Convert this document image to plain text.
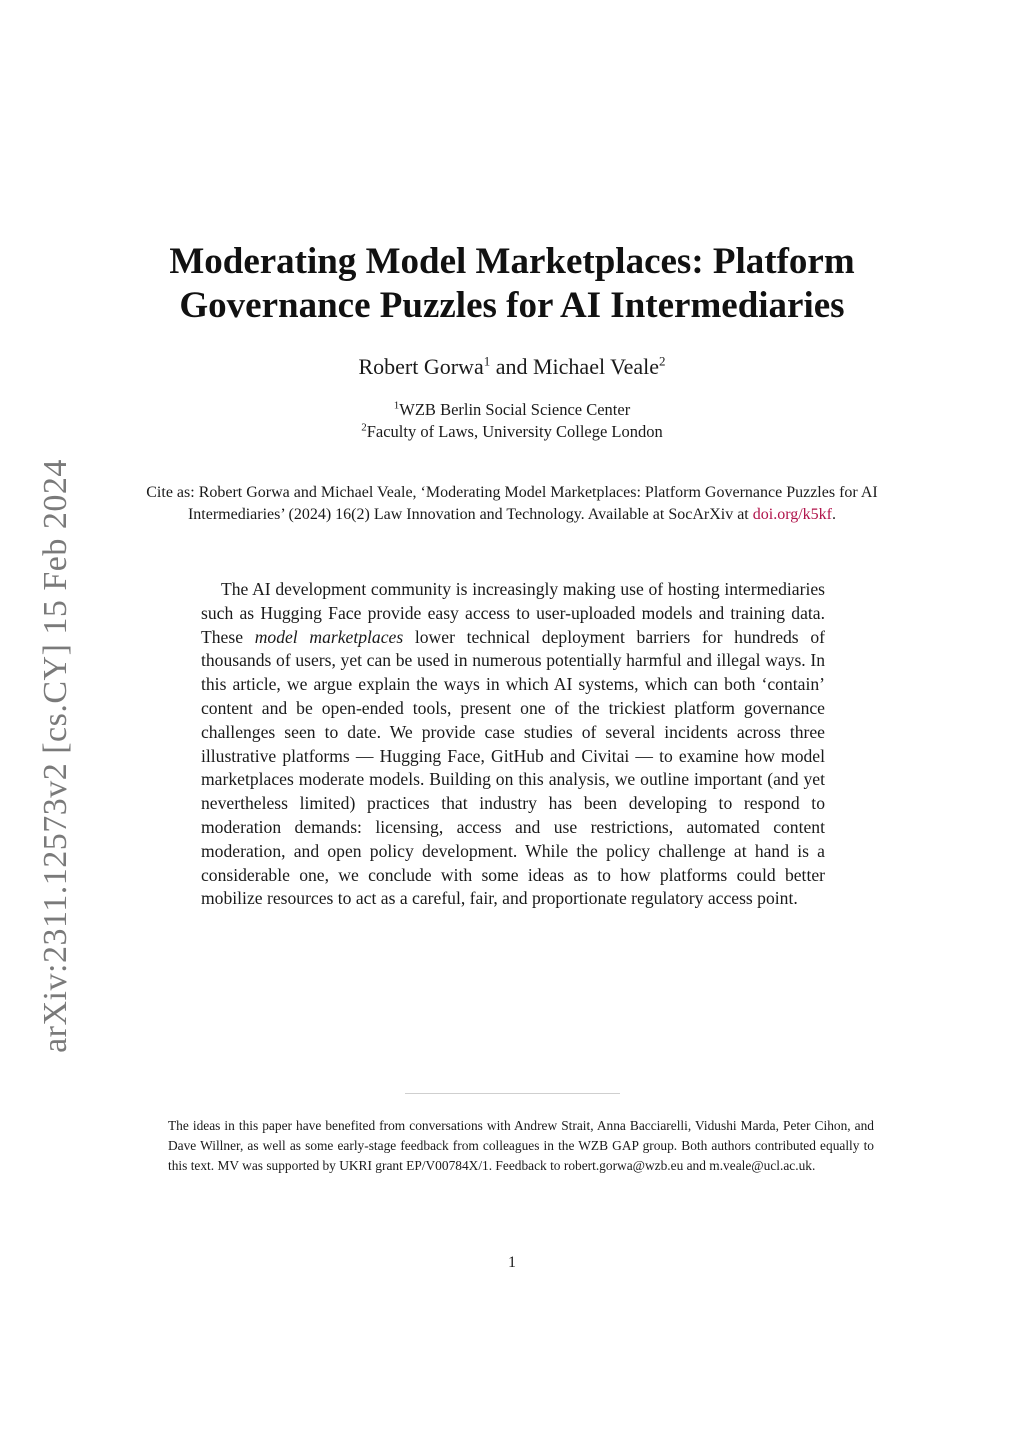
arXiv:2311.12573v2 [cs.CY] 15 Feb 2024
Moderating Model Marketplaces: Platform
Governance Puzzles for AI Intermediaries
Robert Gorwa$^1$ and Michael Veale$^2$
$^1$WZB Berlin Social Science Center
$^2$Faculty of Laws, University College London
Cite as: Robert Gorwa and Michael Veale, ‘Moderating Model Marketplaces: Platform Governance Puzzles for AI Intermediaries’ (2024) 16(2) Law Innovation and Technology. Available at SocArXiv at doi.org/k5kf.

The AI development community is increasingly making use of hosting intermediaries such as Hugging Face provide easy access to user-uploaded models and training data. These model marketplaces lower technical deployment barriers for hundreds of thousands of users, yet can be used in numerous potentially harmful and illegal ways. In this article, we argue explain the ways in which AI systems, which can both ‘contain’ content and be open-ended tools, present one of the trickiest platform governance challenges seen to date. We provide case studies of several incidents across three illustrative platforms — Hugging Face, GitHub and Civitai — to examine how model marketplaces moderate models. Building on this analysis, we outline important (and yet nevertheless limited) practices that industry has been developing to respond to moderation demands: licensing, access and use restrictions, automated content moderation, and open policy development. While the policy challenge at hand is a considerable one, we conclude with some ideas as to how platforms could better mobilize resources to act as a careful, fair, and proportionate regulatory access point.

The ideas in this paper have benefited from conversations with Andrew Strait, Anna Bacciarelli, Vidushi Marda, Peter Cihon, and Dave Willner, as well as some early-stage feedback from colleagues in the WZB GAP group. Both authors contributed equally to this text. MV was supported by UKRI grant EP/V00784X/1. Feedback to robert.gorwa@wzb.eu and m.veale@ucl.ac.uk.

1
